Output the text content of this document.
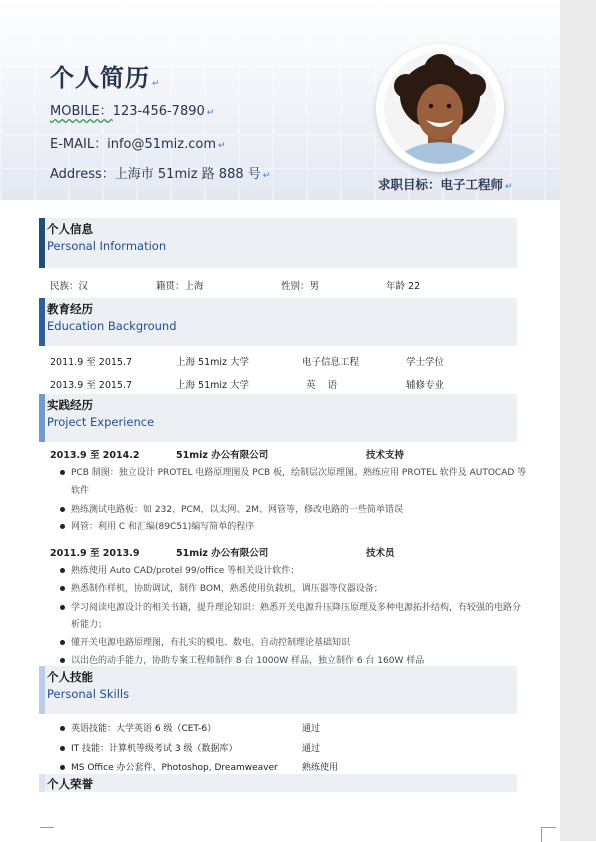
个人简历 ↵
MOBILE：123-456-7890 ↵
E-MAIL：info@51miz.com ↵
Address：上海市 51miz 路 888 号 ↵
求职目标：电子工程师 ↵
个人信息
Personal Information
民族：汉	籍贯：上海	性别：男	年龄 22
教育经历
Education Background
2011.9 至 2015.7	上海 51miz 大学	电子信息工程	学士学位
2013.9 至 2015.7	上海 51miz 大学	英    语	辅修专业
实践经历
Project Experience
2013.9 至 2014.2	51miz 办公有限公司	技术支持
PCB 制图：独立设计 PROTEL 电路原理图及 PCB 板，绘制层次原理图。熟练应用 PROTEL 软件及 AUTOCAD 等
软件
熟练测试电路板：如 232、PCM、以太网、2M、网管等，修改电路的一些简单错误
网管：利用 C 和汇编(89C51)编写简单的程序
2011.9 至 2013.9	51miz 办公有限公司	技术员
熟练使用 Auto CAD/protel 99/office 等相关设计软件；
熟悉制作样机，协助调试，制作 BOM，熟悉使用负载机，调压器等仪器设备；
学习阅读电源设计的相关书籍，提升理论知识：熟悉开关电源升压降压原理及多种电源拓扑结构，有较强的电路分
析能力；
懂开关电源电路原理图，有扎实的模电、数电、自动控制理论基础知识
以出色的动手能力，协助专案工程师制作 8 台 1000W 样品，独立制作 6 台 160W 样品
个人技能
Personal Skills
英语技能：大学英语 6 级（CET-6）	通过
IT 技能：计算机等级考试 3 级（数据库）	通过
MS Office 办公套件、Photoshop, Dreamweaver	熟练使用
个人荣誉
